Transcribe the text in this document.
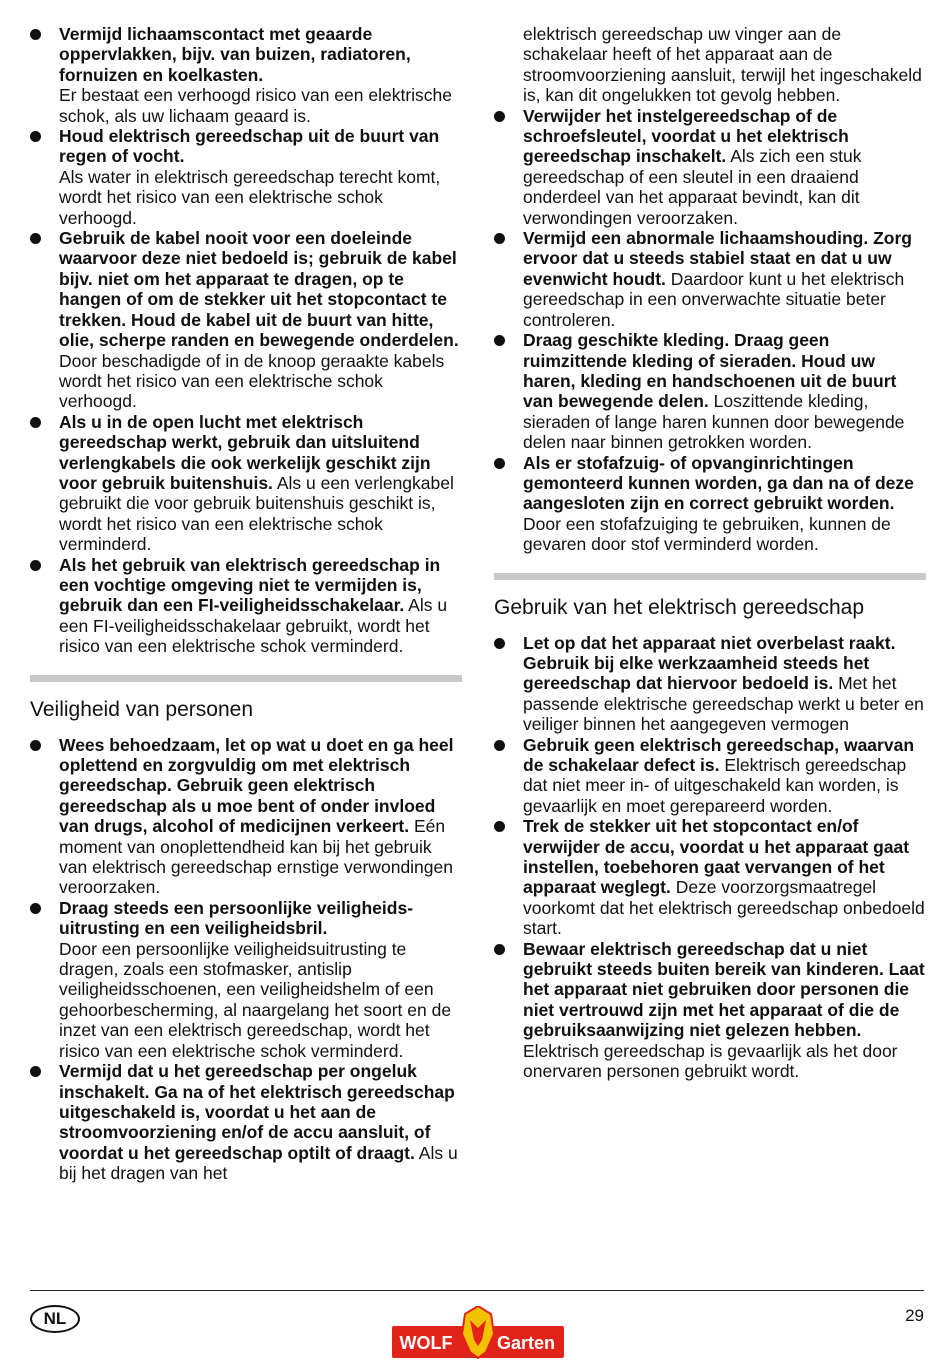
Vermijd lichaamscontact met geaarde oppervlakken, bijv. van buizen, radiatoren, fornuizen en koelkasten.
Er bestaat een verhoogd risico van een elektrische schok, als uw lichaam geaard is.
Houd elektrisch gereedschap uit de buurt van regen of vocht.
Als water in elektrisch gereedschap terecht komt, wordt het risico van een elektrische schok verhoogd.
Gebruik de kabel nooit voor een doeleinde waarvoor deze niet bedoeld is; gebruik de kabel bijv. niet om het apparaat te dragen, op te hangen of om de stekker uit het stopcontact te trekken. Houd de kabel uit de buurt van hitte, olie, scherpe randen en bewegende onderdelen. Door beschadigde of in de knoop geraakte kabels wordt het risico van een elektrische schok verhoogd.
Als u in de open lucht met elektrisch gereedschap werkt, gebruik dan uitsluitend verlengkabels die ook werkelijk geschikt zijn voor gebruik buitenshuis. Als u een verlengkabel gebruikt die voor gebruik buitenshuis geschikt is, wordt het risico van een elektrische schok verminderd.
Als het gebruik van elektrisch gereedschap in een vochtige omgeving niet te vermijden is, gebruik dan een FI-veiligheidsschakelaar. Als u een FI-veiligheidsschakelaar gebruikt, wordt het risico van een elektrische schok verminderd.
Veiligheid van personen
Wees behoedzaam, let op wat u doet en ga heel oplettend en zorgvuldig om met elektrisch gereedschap. Gebruik geen elektrisch gereedschap als u moe bent of onder invloed van drugs, alcohol of medicijnen verkeert. Eén moment van onoplettendheid kan bij het gebruik van elektrisch gereedschap ernstige verwondingen veroorzaken.
Draag steeds een persoonlijke veiligheids-uitrusting en een veiligheidsbril.
Door een persoonlijke veiligheidsuitrusting te dragen, zoals een stofmasker, antislip veiligheidsschoenen, een veiligheidshelm of een gehoorbescherming, al naargelang het soort en de inzet van een elektrisch gereedschap, wordt het risico van een elektrische schok verminderd.
Vermijd dat u het gereedschap per ongeluk inschakelt. Ga na of het elektrisch gereedschap uitgeschakeld is, voordat u het aan de stroomvoorziening en/of de accu aansluit, of voordat u het gereedschap optilt of draagt. Als u bij het dragen van het
elektrisch gereedschap uw vinger aan de schakelaar heeft of het apparaat aan de stroomvoorziening aansluit, terwijl het ingeschakeld is, kan dit ongelukken tot gevolg hebben.
Verwijder het instelgereedschap of de schroefsleutel, voordat u het elektrisch gereedschap inschakelt. Als zich een stuk gereedschap of een sleutel in een draaiend onderdeel van het apparaat bevindt, kan dit verwondingen veroorzaken.
Vermijd een abnormale lichaamshouding. Zorg ervoor dat u steeds stabiel staat en dat u uw evenwicht houdt. Daardoor kunt u het elektrisch gereedschap in een onverwachte situatie beter controleren.
Draag geschikte kleding. Draag geen ruimzittende kleding of sieraden. Houd uw haren, kleding en handschoenen uit de buurt van bewegende delen. Loszittende kleding, sieraden of lange haren kunnen door bewegende delen naar binnen getrokken worden.
Als er stofafzuig- of opvanginrichtingen gemonteerd kunnen worden, ga dan na of deze aangesloten zijn en correct gebruikt worden. Door een stofafzuiging te gebruiken, kunnen de gevaren door stof verminderd worden.
Gebruik van het elektrisch gereedschap
Let op dat het apparaat niet overbelast raakt. Gebruik bij elke werkzaamheid steeds het gereedschap dat hiervoor bedoeld is. Met het passende elektrische gereedschap werkt u beter en veiliger binnen het aangegeven vermogen
Gebruik geen elektrisch gereedschap, waarvan de schakelaar defect is. Elektrisch gereedschap dat niet meer in- of uitgeschakeld kan worden, is gevaarlijk en moet gerepareerd worden.
Trek de stekker uit het stopcontact en/of verwijder de accu, voordat u het apparaat gaat instellen, toebehoren gaat vervangen of het apparaat weglegt. Deze voorzorgsmaatregel voorkomt dat het elektrisch gereedschap onbedoeld start.
Bewaar elektrisch gereedschap dat u niet gebruikt steeds buiten bereik van kinderen. Laat het apparaat niet gebruiken door personen die niet vertrouwd zijn met het apparaat of die de gebruiksaanwijzing niet gelezen hebben. Elektrisch gereedschap is gevaarlijk als het door onervaren personen gebruikt wordt.
NL	29
WOLF Garten
